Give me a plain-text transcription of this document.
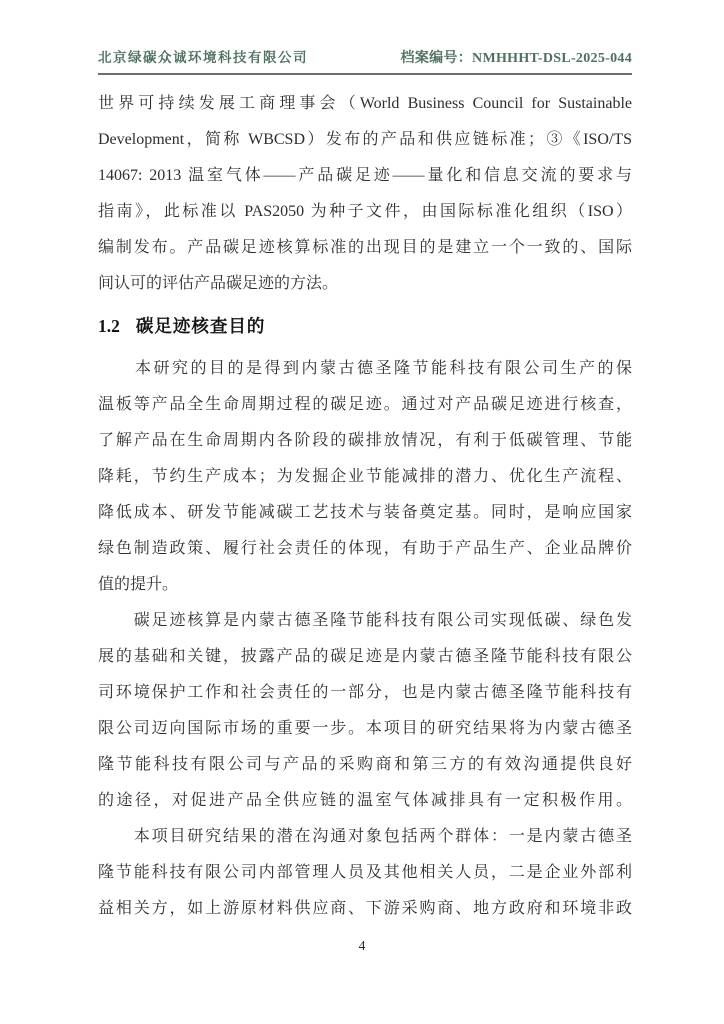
北京绿碳众诚环境科技有限公司	档案编号：NMHHHT-DSL-2025-044
世界可持续发展工商理事会（World Business Council for Sustainable
Development，简称 WBCSD）发布的产品和供应链标准；③《ISO/TS
14067: 2013 温室气体——产品碳足迹——量化和信息交流的要求与
指南》，此标准以 PAS2050 为种子文件，由国际标准化组织（ISO）
编制发布。产品碳足迹核算标准的出现目的是建立一个一致的、国际
间认可的评估产品碳足迹的方法。
1.2 碳足迹核查目的
　　本研究的目的是得到内蒙古德圣隆节能科技有限公司生产的保
温板等产品全生命周期过程的碳足迹。通过对产品碳足迹进行核查，
了解产品在生命周期内各阶段的碳排放情况，有利于低碳管理、节能
降耗，节约生产成本；为发掘企业节能减排的潜力、优化生产流程、
降低成本、研发节能减碳工艺技术与装备奠定基。同时，是响应国家
绿色制造政策、履行社会责任的体现，有助于产品生产、企业品牌价
值的提升。
　　碳足迹核算是内蒙古德圣隆节能科技有限公司实现低碳、绿色发
展的基础和关键，披露产品的碳足迹是内蒙古德圣隆节能科技有限公
司环境保护工作和社会责任的一部分，也是内蒙古德圣隆节能科技有
限公司迈向国际市场的重要一步。本项目的研究结果将为内蒙古德圣
隆节能科技有限公司与产品的采购商和第三方的有效沟通提供良好
的途径，对促进产品全供应链的温室气体减排具有一定积极作用。
　　本项目研究结果的潜在沟通对象包括两个群体：一是内蒙古德圣
隆节能科技有限公司内部管理人员及其他相关人员，二是企业外部利
益相关方，如上游原材料供应商、下游采购商、地方政府和环境非政
4
